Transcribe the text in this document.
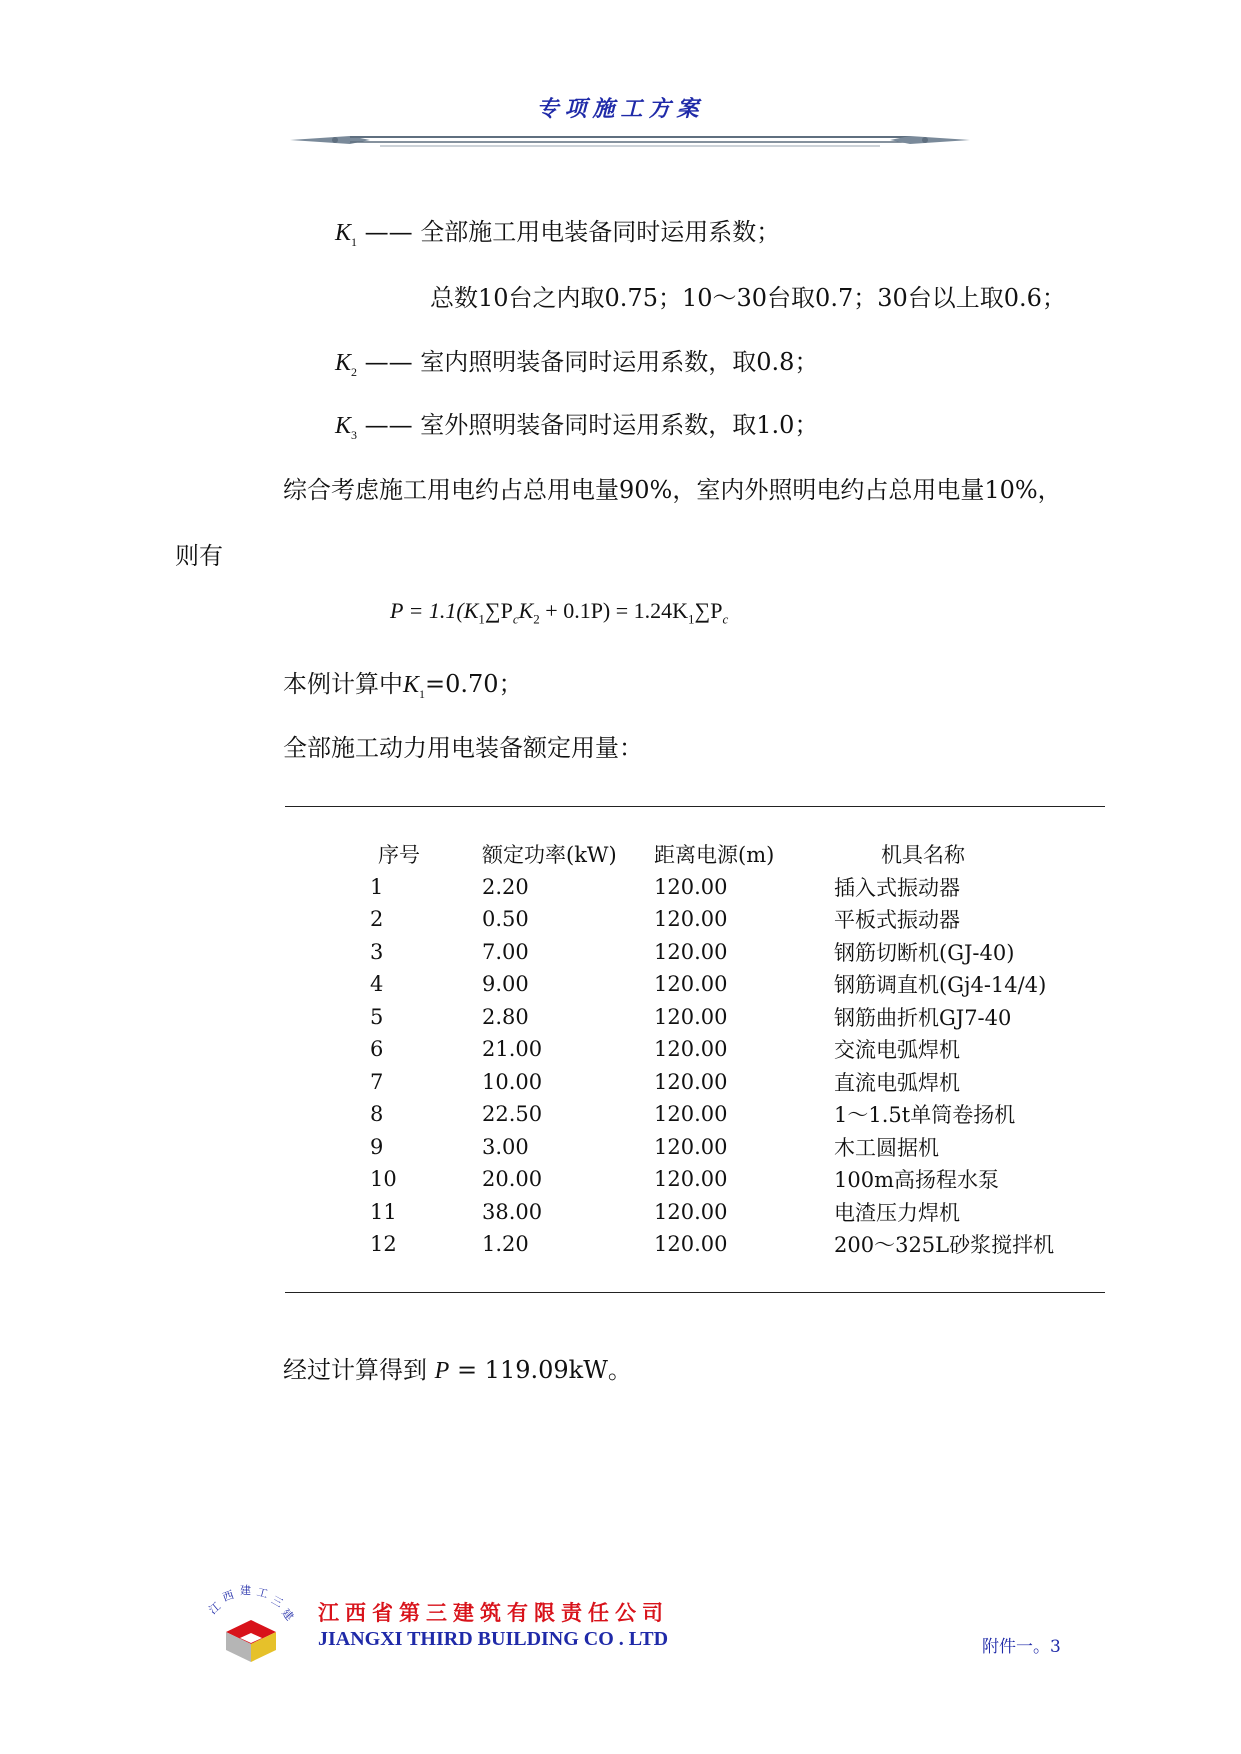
专项施工方案
$K_1$ —— 全部施工用电装备同时运用系数；
总数10台之内取0.75；10～30台取0.7；30台以上取0.6；
$K_2$ —— 室内照明装备同时运用系数，取0.8；
$K_3$ —— 室外照明装备同时运用系数，取1.0；
综合考虑施工用电约占总用电量90%，室内外照明电约占总用电量10%，
则有
$P = 1.1(K_1\sum P_cK_2 + 0.1P) = 1.24K_1\sum P_c$
本例计算中$K_1=0.70$；
全部施工动力用电装备额定用量：
序号	额定功率(kW)	距离电源(m)	机具名称
1	2.20	120.00	插入式振动器
2	0.50	120.00	平板式振动器
3	7.00	120.00	钢筋切断机(GJ-40)
4	9.00	120.00	钢筋调直机(Gj4-14/4)
5	2.80	120.00	钢筋曲折机GJ7-40
6	21.00	120.00	交流电弧焊机
7	10.00	120.00	直流电弧焊机
8	22.50	120.00	1～1.5t单筒卷扬机
9	3.00	120.00	木工圆据机
10	20.00	120.00	100m高扬程水泵
11	38.00	120.00	电渣压力焊机
12	1.20	120.00	200～325L砂浆搅拌机
经过计算得到 P = 119.09kW。
江
西 建 工
三
建 江西省第三建筑有限责任公司
JIANGXI THIRD BUILDING CO . LTD	附件一。3
